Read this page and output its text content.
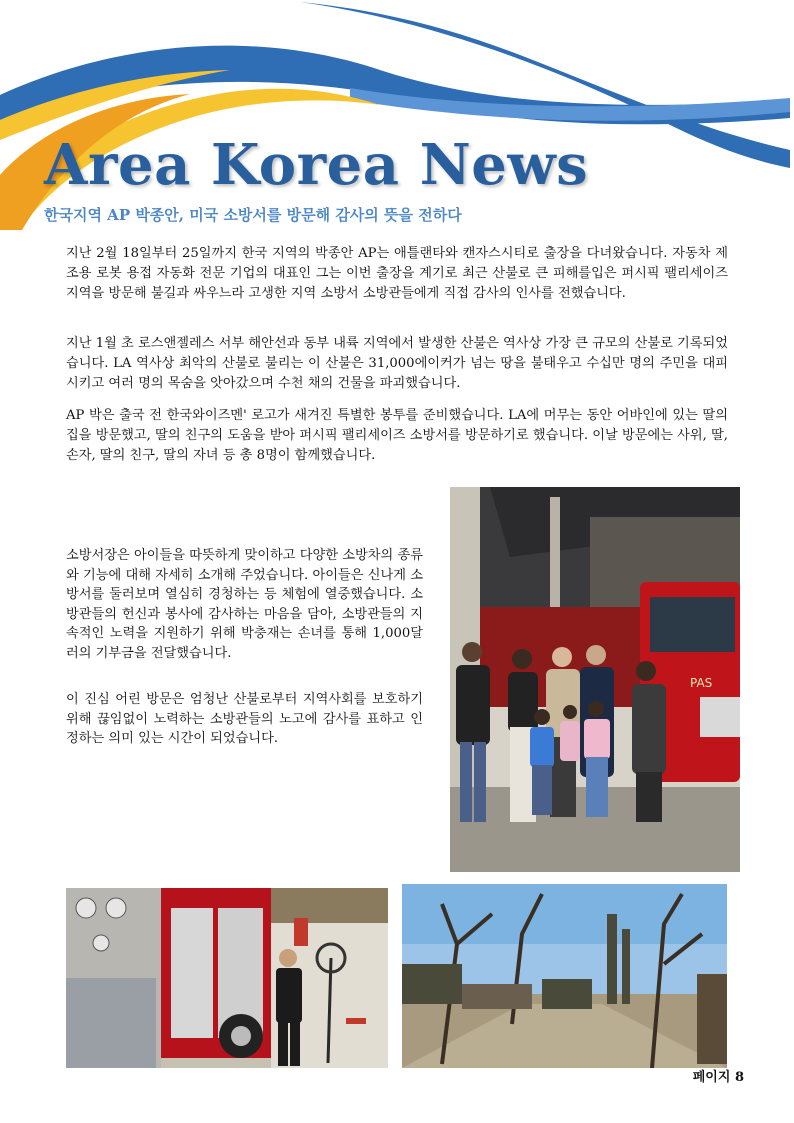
Area Korea News
한국지역 AP 박종안, 미국 소방서를 방문해 감사의 뜻을 전하다

지난 2월 18일부터 25일까지 한국 지역의 박종안 AP는 애틀랜타와 캔자스시티로 출장을 다녀왔습니다. 자동차 제조용 로봇 용접 자동화 전문 기업의 대표인 그는 이번 출장을 계기로 최근 산불로 큰 피해를입은 퍼시픽 팰리세이즈 지역을 방문해 불길과 싸우느라 고생한 지역 소방서 소방관들에게 직접 감사의 인사를 전했습니다.

지난 1월 초 로스앤젤레스 서부 해안선과 동부 내륙 지역에서 발생한 산불은 역사상 가장 큰 규모의 산불로 기록되었습니다. LA 역사상 최악의 산불로 불리는 이 산불은 31,000에이커가 넘는 땅을 불태우고 수십만 명의 주민을 대피시키고 여러 명의 목숨을 앗아갔으며 수천 채의 건물을 파괴했습니다.

AP 박은 출국 전 한국와이즈멘' 로고가 새겨진 특별한 봉투를 준비했습니다. LA에 머무는 동안 어바인에 있는 딸의 집을 방문했고, 딸의 친구의 도움을 받아 퍼시픽 팰리세이즈 소방서를 방문하기로 했습니다. 이날 방문에는 사위, 딸, 손자, 딸의 친구, 딸의 자녀 등 총 8명이 함께했습니다.

소방서장은 아이들을 따뜻하게 맞이하고 다양한 소방차의 종류와 기능에 대해 자세히 소개해 주었습니다. 아이들은 신나게 소방서를 둘러보며 열심히 경청하는 등 체험에 열중했습니다. 소방관들의 헌신과 봉사에 감사하는 마음을 담아, 소방관들의 지속적인 노력을 지원하기 위해 박충재는 손녀를 통해 1,000달러의 기부금을 전달했습니다.

이 진심 어린 방문은 엄청난 산불로부터 지역사회를 보호하기 위해 끊임없이 노력하는 소방관들의 노고에 감사를 표하고 인정하는 의미 있는 시간이 되었습니다.

PAS
페이지 8
